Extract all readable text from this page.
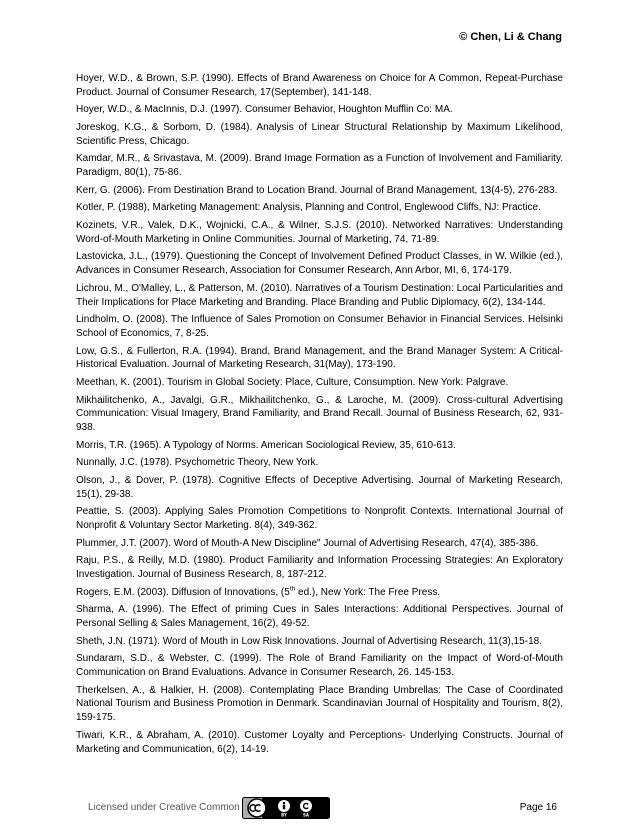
© Chen, Li & Chang

Hoyer, W.D., & Brown, S.P. (1990). Effects of Brand Awareness on Choice for A Common, Repeat-Purchase Product. Journal of Consumer Research, 17(September), 141-148.

Hoyer, W.D., & MacInnis, D.J. (1997). Consumer Behavior, Houghton Mufflin Co: MA.

Joreskog, K.G., & Sorbom, D. (1984). Analysis of Linear Structural Relationship by Maximum Likelihood, Scientific Press, Chicago.

Kamdar, M.R., & Srivastava, M. (2009). Brand Image Formation as a Function of Involvement and Familiarity. Paradigm, 80(1), 75-86.

Kerr, G. (2006). From Destination Brand to Location Brand. Journal of Brand Management, 13(4-5), 276-283.

Kotler, P. (1988), Marketing Management: Analysis, Planning and Control, Englewood Cliffs, NJ: Practice.

Kozinets, V.R., Valek, D.K., Wojnicki, C.A., & Wilner, S.J.S. (2010). Networked Narratives: Understanding Word-of-Mouth Marketing in Online Communities. Journal of Marketing, 74, 71-89.

Lastovicka, J.L., (1979). Questioning the Concept of Involvement Defined Product Classes, in W. Wilkie (ed.), Advances in Consumer Research, Association for Consumer Research, Ann Arbor, MI, 6, 174-179.

Lichrou, M., O'Malley, L., & Patterson, M. (2010). Narratives of a Tourism Destination: Local Particularities and Their Implications for Place Marketing and Branding. Place Branding and Public Diplomacy, 6(2), 134-144.

Lindholm, O. (2008). The Influence of Sales Promotion on Consumer Behavior in Financial Services. Helsinki School of Economics, 7, 8-25.

Low, G.S., & Fullerton, R.A. (1994). Brand, Brand Management, and the Brand Manager System: A Critical-Historical Evaluation. Journal of Marketing Research, 31(May), 173-190.

Meethan, K. (2001). Tourism in Global Society: Place, Culture, Consumption. New York: Palgrave.

Mikhailitchenko, A., Javalgi, G.R., Mikhailitchenko, G., & Laroche, M. (2009). Cross-cultural Advertising Communication: Visual Imagery, Brand Familiarity, and Brand Recall. Journal of Business Research, 62, 931-938.

Morris, T.R. (1965). A Typology of Norms. American Sociological Review, 35, 610-613.

Nunnally, J.C. (1978). Psychometric Theory, New York.

Olson, J., & Dover, P. (1978). Cognitive Effects of Deceptive Advertising. Journal of Marketing Research, 15(1), 29-38.

Peattie, S. (2003). Applying Sales Promotion Competitions to Nonprofit Contexts. International Journal of Nonprofit & Voluntary Sector Marketing. 8(4), 349-362.

Plummer, J.T. (2007). Word of Mouth-A New Discipline" Journal of Advertising Research, 47(4), 385-386.

Raju, P.S., & Reilly, M.D. (1980). Product Familiarity and Information Processing Strategies: An Exploratory Investigation. Journal of Business Research, 8, 187-212.

Rogers, E.M. (2003). Diffusion of Innovations, (5th ed.), New York: The Free Press.

Sharma, A. (1996). The Effect of priming Cues in Sales Interactions: Additional Perspectives. Journal of Personal Selling & Sales Management, 16(2), 49-52.

Sheth, J.N. (1971). Word of Mouth in Low Risk Innovations. Journal of Advertising Research, 11(3),15-18.

Sundaram, S.D., & Webster, C. (1999). The Role of Brand Familiarity on the Impact of Word-of-Mouth Communication on Brand Evaluations. Advance in Consumer Research, 26. 145-153.

Therkelsen, A., & Halkier, H. (2008). Contemplating Place Branding Umbrellas: The Case of Coordinated National Tourism and Business Promotion in Denmark. Scandinavian Journal of Hospitality and Tourism, 8(2), 159-175.

Tiwari, K.R., & Abraham, A. (2010). Customer Loyalty and Perceptions- Underlying Constructs. Journal of Marketing and Communication, 6(2), 14-19.

Licensed under Creative Common
BY	SA
Page 16
